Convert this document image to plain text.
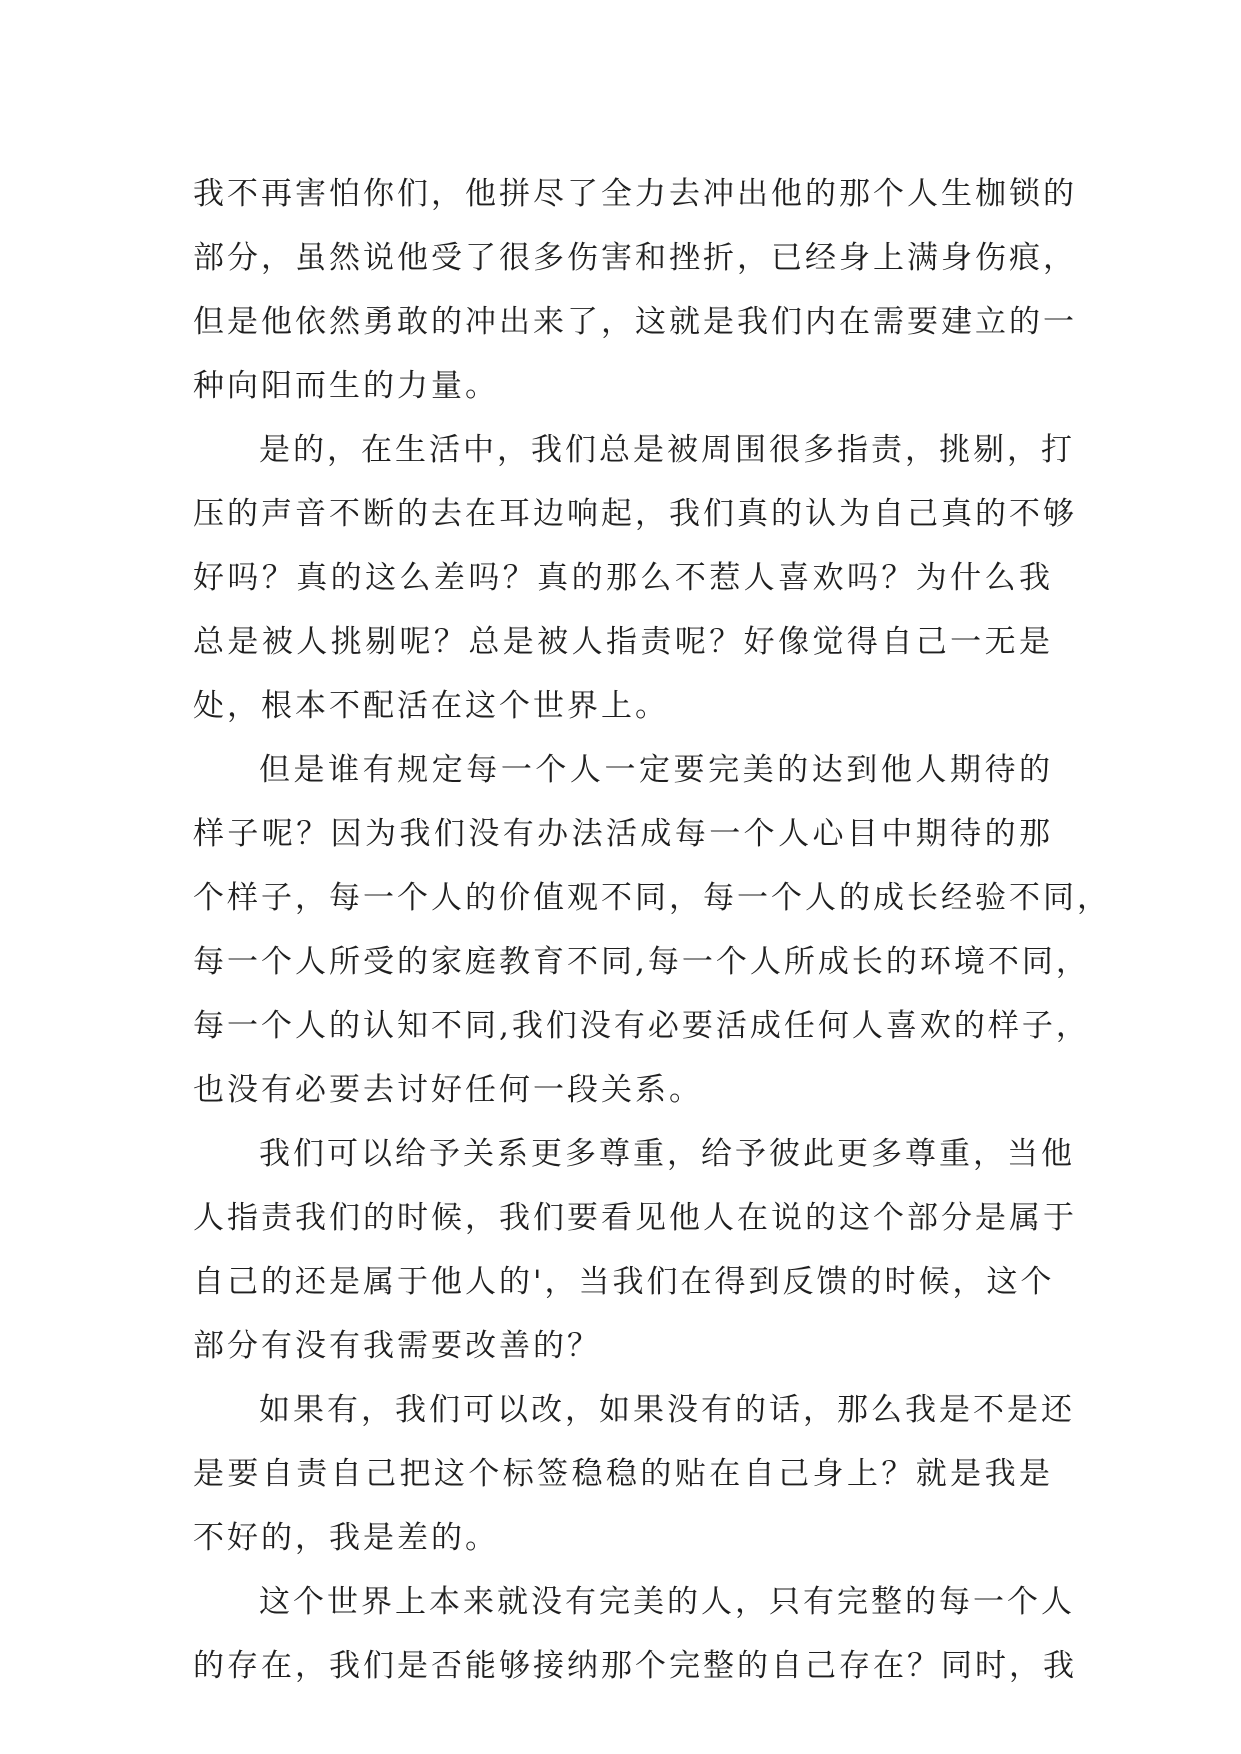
我不再害怕你们，他拼尽了全力去冲出他的那个人生枷锁的
部分，虽然说他受了很多伤害和挫折，已经身上满身伤痕，
但是他依然勇敢的冲出来了，这就是我们内在需要建立的一
种向阳而生的力量。
是的，在生活中，我们总是被周围很多指责，挑剔，打
压的声音不断的去在耳边响起，我们真的认为自己真的不够
好吗？真的这么差吗？真的那么不惹人喜欢吗？为什么我
总是被人挑剔呢？总是被人指责呢？好像觉得自己一无是
处，根本不配活在这个世界上。
但是谁有规定每一个人一定要完美的达到他人期待的
样子呢？因为我们没有办法活成每一个人心目中期待的那
个样子，每一个人的价值观不同，每一个人的成长经验不同，
每一个人所受的家庭教育不同,每一个人所成长的环境不同，
每一个人的认知不同,我们没有必要活成任何人喜欢的样子，
也没有必要去讨好任何一段关系。
我们可以给予关系更多尊重，给予彼此更多尊重，当他
人指责我们的时候，我们要看见他人在说的这个部分是属于
自己的还是属于他人的'，当我们在得到反馈的时候，这个
部分有没有我需要改善的？
如果有，我们可以改，如果没有的话，那么我是不是还
是要自责自己把这个标签稳稳的贴在自己身上？就是我是
不好的，我是差的。
这个世界上本来就没有完美的人，只有完整的每一个人
的存在，我们是否能够接纳那个完整的自己存在？同时，我
